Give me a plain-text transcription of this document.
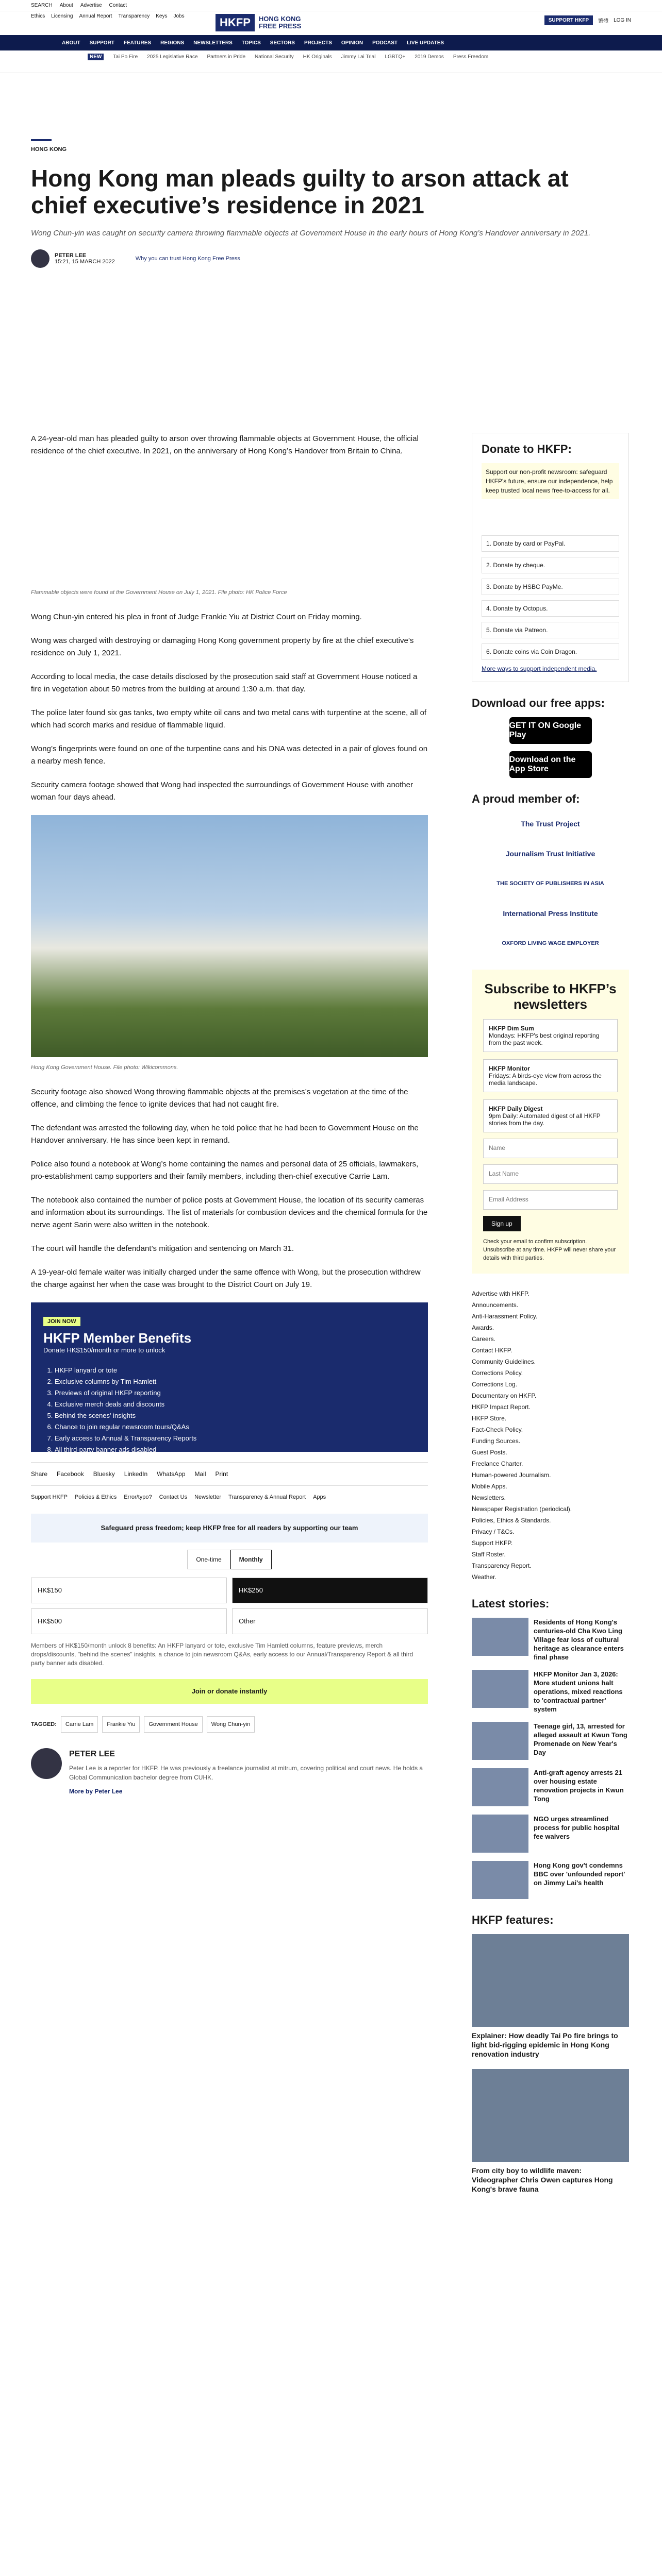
SEARCH About Advertise Contact
Ethics Licensing Annual Report Transparency Keys Jobs	HKFP	HONG KONG
FREE PRESS
SUPPORT HKFP	繁體 LOG IN
ABOUT SUPPORT FEATURES REGIONS NEWSLETTERS TOPICS SECTORS PROJECTS OPINION PODCAST LIVE UPDATES
NEW	Tai Po Fire 2025 Legislative Race Partners in Pride National Security HK Originals Jimmy Lai Trial LGBTQ+ 2019 Demos Press Freedom
HONG KONG
Hong Kong man pleads guilty to arson attack at chief executive’s residence in 2021
Wong Chun-yin was caught on security camera throwing flammable objects at Government House in the early hours of Hong Kong’s Handover anniversary in 2021.
PETER LEE
15:21, 15 MARCH 2022	Why you can trust Hong Kong Free Press

A 24-year-old man has pleaded guilty to arson over throwing flammable objects at Government House, the official residence of the chief executive. In 2021, on the anniversary of Hong Kong’s Handover from Britain to China.

Flammable objects were found at the Government House on July 1, 2021. File photo: HK Police Force

Wong Chun-yin entered his plea in front of Judge Frankie Yiu at District Court on Friday morning.

Wong was charged with destroying or damaging Hong Kong government property by fire at the chief executive’s residence on July 1, 2021.

According to local media, the case details disclosed by the prosecution said staff at Government House noticed a fire in vegetation about 50 metres from the building at around 1:30 a.m. that day.

The police later found six gas tanks, two empty white oil cans and two metal cans with turpentine at the scene, all of which had scorch marks and residue of flammable liquid.

Wong’s fingerprints were found on one of the turpentine cans and his DNA was detected in a pair of gloves found on a nearby mesh fence.

Security camera footage showed that Wong had inspected the surroundings of Government House with another woman four days ahead.

Hong Kong Government House. File photo: Wikicommons.

Security footage also showed Wong throwing flammable objects at the premises’s vegetation at the time of the offence, and climbing the fence to ignite devices that had not caught fire.

The defendant was arrested the following day, when he told police that he had been to Government House on the Handover anniversary. He has since been kept in remand.

Police also found a notebook at Wong’s home containing the names and personal data of 25 officials, lawmakers, pro-establishment camp supporters and their family members, including then-chief executive Carrie Lam.

The notebook also contained the number of police posts at Government House, the location of its security cameras and information about its surroundings. The list of materials for combustion devices and the chemical formula for the nerve agent Sarin were also written in the notebook.

The court will handle the defendant’s mitigation and sentencing on March 31.

A 19-year-old female waiter was initially charged under the same offence with Wong, but the prosecution withdrew the charge against her when the case was brought to the District Court on July 19.

JOIN NOW
HKFP Member Benefits
Donate HK$150/month or more to unlock
1. HKFP lanyard or tote
2. Exclusive columns by Tim Hamlett
3. Previews of original HKFP reporting
4. Exclusive merch deals and discounts
5. Behind the scenes' insights
6. Chance to join regular newsroom tours/Q&As
7. Early access to Annual & Transparency Reports
8. All third-party banner ads disabled
Share Facebook Bluesky LinkedIn WhatsApp Mail Print
Support HKFP Policies & Ethics Error/typo? Contact Us Newsletter Transparency & Annual Report Apps
Safeguard press freedom; keep HKFP free for all readers by supporting our team
One-time	Monthly
HK$150	HK$250
HK$500	Other

Members of HK$150/month unlock 8 benefits: An HKFP lanyard or tote, exclusive Tim Hamlett columns, feature previews, merch drops/discounts, "behind the scenes" insights, a chance to join newsroom Q&As, early access to our Annual/Transparency Report & all third party banner ads disabled.

Join or donate instantly
TAGGED:	Carrie Lam	Frankie Yiu	Government House	Wong Chun-yin
PETER LEE

Peter Lee is a reporter for HKFP. He was previously a freelance journalist at mitrum, covering political and court news. He holds a Global Communication bachelor degree from CUHK.

More by Peter Lee
Donate to HKFP:

Support our non-profit newsroom: safeguard HKFP's future, ensure our independence, help keep trusted local news free-to-access for all.

1. Donate by card or PayPal.
2. Donate by cheque.
3. Donate by HSBC PayMe.
4. Donate by Octopus.
5. Donate via Patreon.
6. Donate coins via Coin Dragon.
More ways to support independent media.
Download our free apps:
GET IT ON Google Play
Download on the App Store
A proud member of:
The Trust Project
Journalism Trust Initiative
THE SOCIETY OF PUBLISHERS IN ASIA
International Press Institute
OXFORD LIVING WAGE EMPLOYER
Subscribe to HKFP’s newsletters
HKFP Dim Sum
Mondays: HKFP's best original reporting from the past week.
HKFP Monitor
Fridays: A birds-eye view from across the media landscape.
HKFP Daily Digest
9pm Daily: Automated digest of all HKFP stories from the day.
Name
Last Name
Email Address
Sign up

Check your email to confirm subscription. Unsubscribe at any time. HKFP will never share your details with third parties.

Advertise with HKFP.
Announcements.
Anti-Harassment Policy.
Awards.
Careers.
Contact HKFP.
Community Guidelines.
Corrections Policy.
Corrections Log.
Documentary on HKFP.
HKFP Impact Report.
HKFP Store.
Fact-Check Policy.
Funding Sources.
Guest Posts.
Freelance Charter.
Human-powered Journalism.
Mobile Apps.
Newsletters.
Newspaper Registration (periodical).
Policies, Ethics & Standards.
Privacy / T&Cs.
Support HKFP.
Staff Roster.
Transparency Report.
Weather.
Latest stories:
Residents of Hong Kong's centuries-old Cha Kwo Ling Village fear loss of cultural heritage as clearance enters final phase
HKFP Monitor Jan 3, 2026: More student unions halt operations, mixed reactions to 'contractual partner' system
Teenage girl, 13, arrested for alleged assault at Kwun Tong Promenade on New Year's Day
Anti-graft agency arrests 21 over housing estate renovation projects in Kwun Tong
NGO urges streamlined process for public hospital fee waivers
Hong Kong gov't condemns BBC over 'unfounded report' on Jimmy Lai's health
HKFP features:

Explainer: How deadly Tai Po fire brings to light bid-rigging epidemic in Hong Kong renovation industry

From city boy to wildlife maven: Videographer Chris Owen captures Hong Kong's brave fauna
